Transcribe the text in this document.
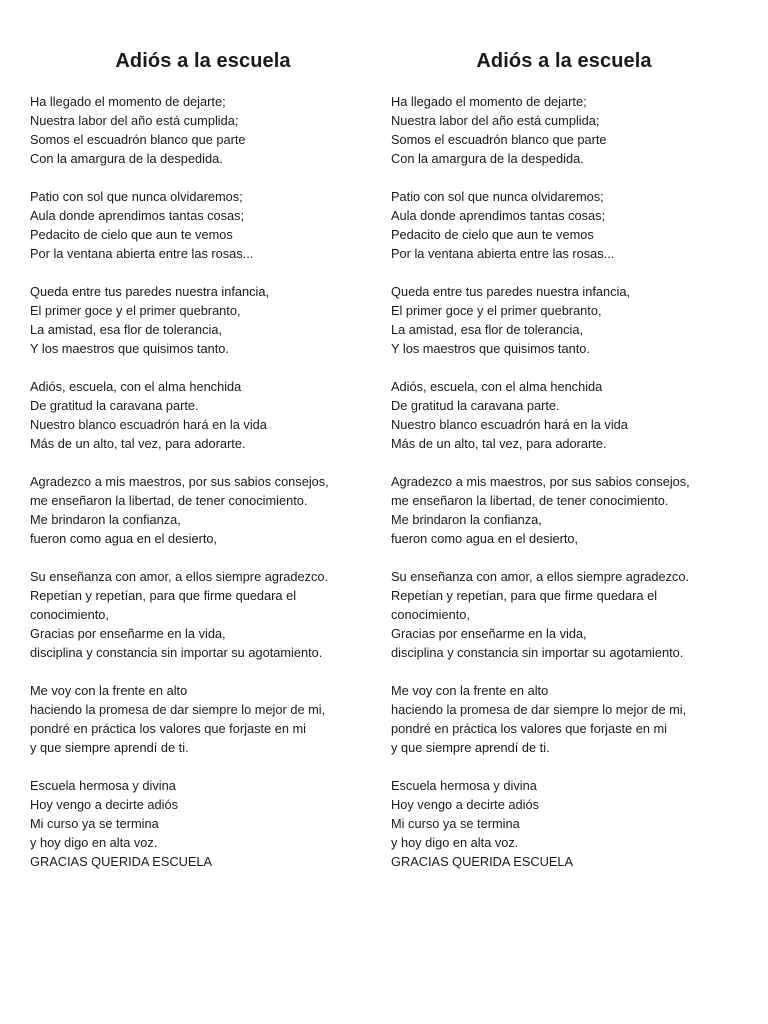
Adiós a la escuela
Ha llegado el momento de dejarte;
Nuestra labor del año está cumplida;
Somos el escuadrón blanco que parte
Con la amargura de la despedida.
Patio con sol que nunca olvidaremos;
Aula donde aprendimos tantas cosas;
Pedacito de cielo que aun te vemos
Por la ventana abierta entre las rosas...
Queda entre tus paredes nuestra infancia,
El primer goce y el primer quebranto,
La amistad, esa flor de tolerancia,
Y los maestros que quisimos tanto.
Adiós, escuela, con el alma henchida
De gratitud la caravana parte.
Nuestro blanco escuadrón hará en la vida
Más de un alto, tal vez, para adorarte.
Agradezco a mis maestros, por sus sabios consejos,
me enseñaron la libertad, de tener conocimiento.
Me brindaron la confianza,
fueron como agua en el desierto,
Su enseñanza con amor, a ellos siempre agradezco.
Repetían y repetían, para que firme quedara el
conocimiento,
Gracias por enseñarme en la vida,
disciplina y constancia sin importar su agotamiento.
Me voy con la frente en alto
haciendo la promesa de dar siempre lo mejor de mi,
pondré en práctica los valores que forjaste en mi
y que siempre aprendí de ti.
Escuela hermosa y divina
Hoy vengo a decirte adiós
Mi curso ya se termina
y hoy digo en alta voz.
GRACIAS QUERIDA ESCUELA
Adiós a la escuela
Ha llegado el momento de dejarte;
Nuestra labor del año está cumplida;
Somos el escuadrón blanco que parte
Con la amargura de la despedida.
Patio con sol que nunca olvidaremos;
Aula donde aprendimos tantas cosas;
Pedacito de cielo que aun te vemos
Por la ventana abierta entre las rosas...
Queda entre tus paredes nuestra infancia,
El primer goce y el primer quebranto,
La amistad, esa flor de tolerancia,
Y los maestros que quisimos tanto.
Adiós, escuela, con el alma henchida
De gratitud la caravana parte.
Nuestro blanco escuadrón hará en la vida
Más de un alto, tal vez, para adorarte.
Agradezco a mis maestros, por sus sabios consejos,
me enseñaron la libertad, de tener conocimiento.
Me brindaron la confianza,
fueron como agua en el desierto,
Su enseñanza con amor, a ellos siempre agradezco.
Repetían y repetían, para que firme quedara el
conocimiento,
Gracias por enseñarme en la vida,
disciplina y constancia sin importar su agotamiento.
Me voy con la frente en alto
haciendo la promesa de dar siempre lo mejor de mi,
pondré en práctica los valores que forjaste en mi
y que siempre aprendí de ti.
Escuela hermosa y divina
Hoy vengo a decirte adiós
Mi curso ya se termina
y hoy digo en alta voz.
GRACIAS QUERIDA ESCUELA
